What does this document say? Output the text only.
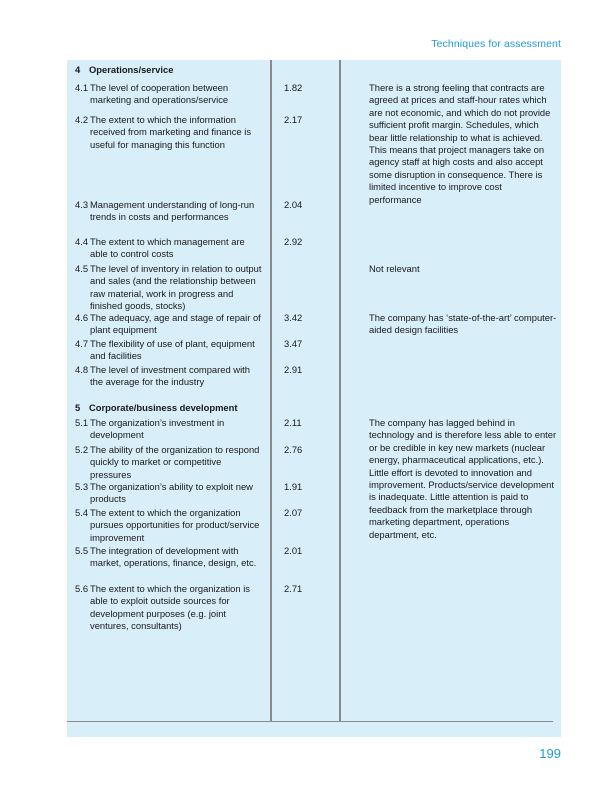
Techniques for assessment
4 Operations/service
4.1 The level of cooperation between marketing and operations/service
4.2 The extent to which the information received from marketing and finance is useful for managing this function
4.3 Management understanding of long-run trends in costs and performances
4.4 The extent to which management are able to control costs
4.5 The level of inventory in relation to output and sales (and the relationship between raw material, work in progress and finished goods, stocks)
4.6 The adequacy, age and stage of repair of plant equipment
4.7 The flexibility of use of plant, equipment and facilities
4.8 The level of investment compared with the average for the industry
5 Corporate/business development
5.1 The organization’s investment in development
5.2 The ability of the organization to respond quickly to market or competitive pressures
5.3 The organization’s ability to exploit new products
5.4 The extent to which the organization pursues opportunities for product/service improvement
5.5 The integration of development with market, operations, finance, design, etc.
5.6 The extent to which the organization is able to exploit outside sources for development purposes (e.g. joint ventures, consultants)
1.82
2.17
2.04
2.92
3.42
3.47
2.91
2.11
2.76
1.91
2.07
2.01
2.71
There is a strong feeling that contracts are agreed at prices and staff-hour rates which are not economic, and which do not provide sufficient profit margin. Schedules, which bear little relationship to what is achieved. This means that project managers take on agency staff at high costs and also accept some disruption in consequence. There is limited incentive to improve cost performance
Not relevant
The company has ‘state-of-the-art’ computer-aided design facilities
The company has lagged behind in technology and is therefore less able to enter or be credible in key new markets (nuclear energy, pharmaceutical applications, etc.). Little effort is devoted to innovation and improvement. Products/service development is inadequate. Little attention is paid to feedback from the marketplace through marketing department, operations department, etc.
199
